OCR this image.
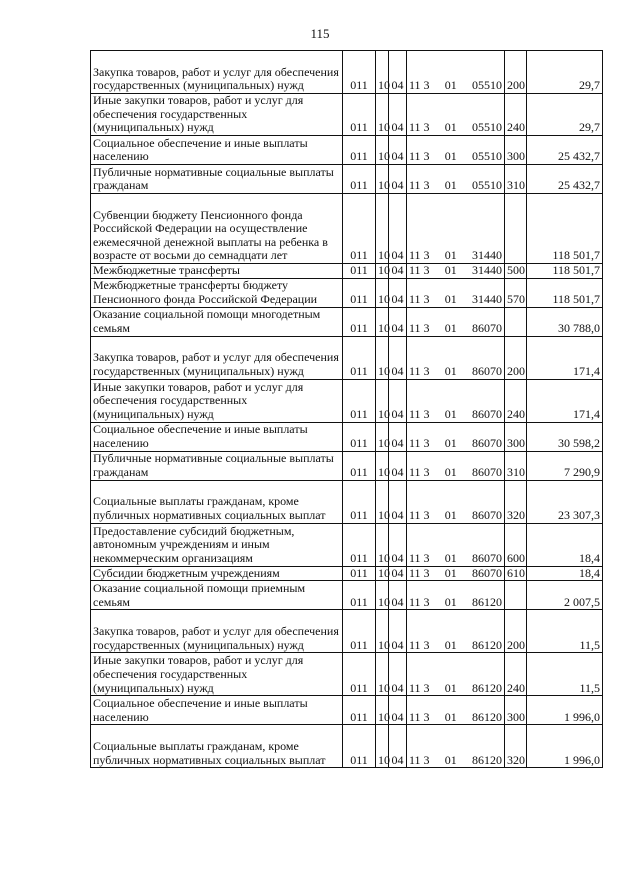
115
Закупка товаров, работ и услуг для обеспечения государственных (муниципальных) нужд	011	10	04	11 3 01 05510	200	29,7
Иные закупки товаров, работ и услуг для обеспечения государственных (муниципальных) нужд	011	10	04	11 3 01 05510	240	29,7
Социальное обеспечение и иные выплаты населению	011	10	04	11 3 01 05510	300	25 432,7
Публичные нормативные социальные выплаты гражданам	011	10	04	11 3 01 05510	310	25 432,7
Субвенции бюджету Пенсионного фонда Российской Федерации на осуществление ежемесячной денежной выплаты на ребенка в возрасте от восьми до семнадцати лет	011	10	04	11 3 01 31440		118 501,7
Межбюджетные трансферты	011	10	04	11 3 01 31440	500	118 501,7
Межбюджетные трансферты бюджету Пенсионного фонда Российской Федерации	011	10	04	11 3 01 31440	570	118 501,7
Оказание социальной помощи многодетным семьям	011	10	04	11 3 01 86070		30 788,0
Закупка товаров, работ и услуг для обеспечения государственных (муниципальных) нужд	011	10	04	11 3 01 86070	200	171,4
Иные закупки товаров, работ и услуг для обеспечения государственных (муниципальных) нужд	011	10	04	11 3 01 86070	240	171,4
Социальное обеспечение и иные выплаты населению	011	10	04	11 3 01 86070	300	30 598,2
Публичные нормативные социальные выплаты гражданам	011	10	04	11 3 01 86070	310	7 290,9
Социальные выплаты гражданам, кроме публичных нормативных социальных выплат	011	10	04	11 3 01 86070	320	23 307,3
Предоставление субсидий бюджетным, автономным учреждениям и иным некоммерческим организациям	011	10	04	11 3 01 86070	600	18,4
Субсидии бюджетным учреждениям	011	10	04	11 3 01 86070	610	18,4
Оказание социальной помощи приемным семьям	011	10	04	11 3 01 86120		2 007,5
Закупка товаров, работ и услуг для обеспечения государственных (муниципальных) нужд	011	10	04	11 3 01 86120	200	11,5
Иные закупки товаров, работ и услуг для обеспечения государственных (муниципальных) нужд	011	10	04	11 3 01 86120	240	11,5
Социальное обеспечение и иные выплаты населению	011	10	04	11 3 01 86120	300	1 996,0
Социальные выплаты гражданам, кроме публичных нормативных социальных выплат	011	10	04	11 3 01 86120	320	1 996,0
